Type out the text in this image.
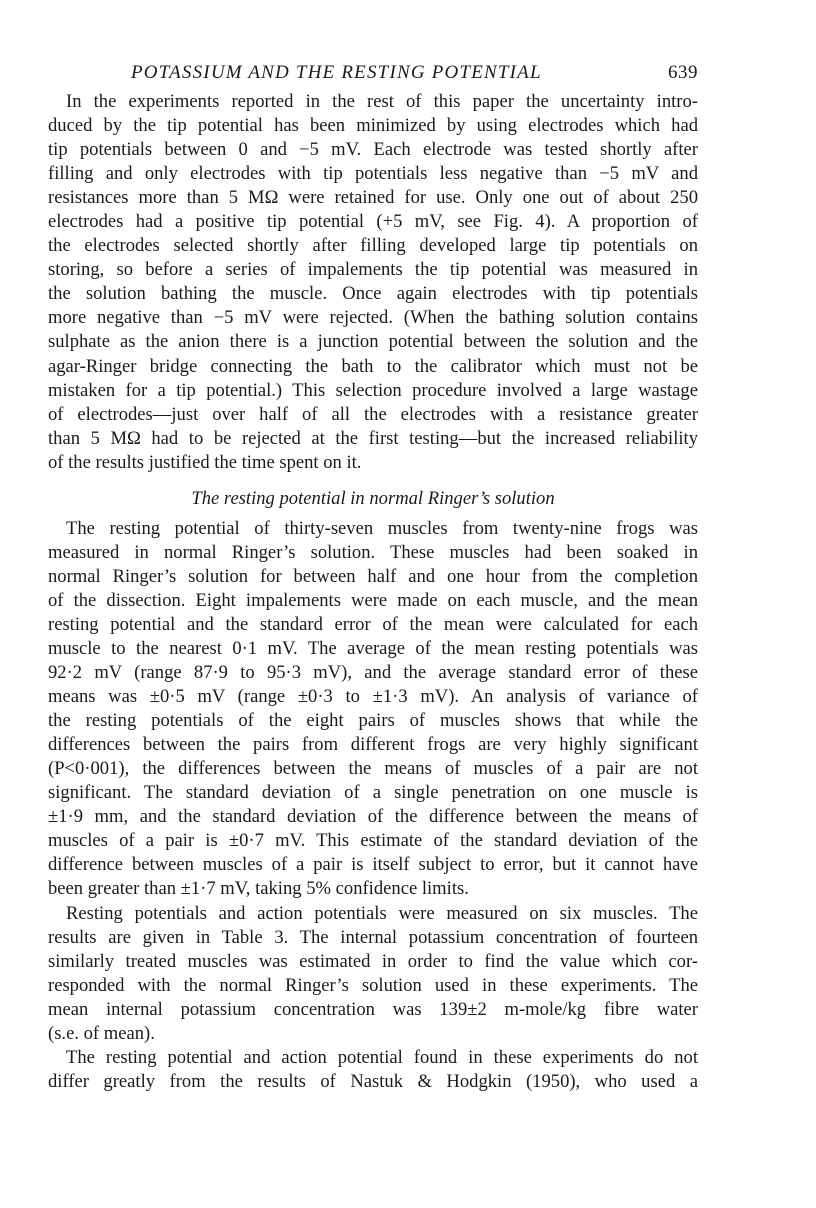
POTASSIUM AND THE RESTING POTENTIAL	639
In the experiments reported in the rest of this paper the uncertainty intro-
duced by the tip potential has been minimized by using electrodes which had
tip potentials between 0 and −5 mV. Each electrode was tested shortly after
filling and only electrodes with tip potentials less negative than −5 mV and
resistances more than 5 MΩ were retained for use. Only one out of about 250
electrodes had a positive tip potential (+5 mV, see Fig. 4). A proportion of
the electrodes selected shortly after filling developed large tip potentials on
storing, so before a series of impalements the tip potential was measured in
the solution bathing the muscle. Once again electrodes with tip potentials
more negative than −5 mV were rejected. (When the bathing solution contains
sulphate as the anion there is a junction potential between the solution and the
agar-Ringer bridge connecting the bath to the calibrator which must not be
mistaken for a tip potential.) This selection procedure involved a large wastage
of electrodes—just over half of all the electrodes with a resistance greater
than 5 MΩ had to be rejected at the first testing—but the increased reliability
of the results justified the time spent on it.
The resting potential in normal Ringer’s solution
The resting potential of thirty-seven muscles from twenty-nine frogs was
measured in normal Ringer’s solution. These muscles had been soaked in
normal Ringer’s solution for between half and one hour from the completion
of the dissection. Eight impalements were made on each muscle, and the mean
resting potential and the standard error of the mean were calculated for each
muscle to the nearest 0·1 mV. The average of the mean resting potentials was
92·2 mV (range 87·9 to 95·3 mV), and the average standard error of these
means was ±0·5 mV (range ±0·3 to ±1·3 mV). An analysis of variance of
the resting potentials of the eight pairs of muscles shows that while the
differences between the pairs from different frogs are very highly significant
(P<0·001), the differences between the means of muscles of a pair are not
significant. The standard deviation of a single penetration on one muscle is
±1·9 mm, and the standard deviation of the difference between the means of
muscles of a pair is ±0·7 mV. This estimate of the standard deviation of the
difference between muscles of a pair is itself subject to error, but it cannot have
been greater than ±1·7 mV, taking 5% confidence limits.
Resting potentials and action potentials were measured on six muscles. The
results are given in Table 3. The internal potassium concentration of fourteen
similarly treated muscles was estimated in order to find the value which cor-
responded with the normal Ringer’s solution used in these experiments. The
mean internal potassium concentration was 139±2 m-mole/kg fibre water
(s.e. of mean).
The resting potential and action potential found in these experiments do not
differ greatly from the results of Nastuk & Hodgkin (1950), who used a
